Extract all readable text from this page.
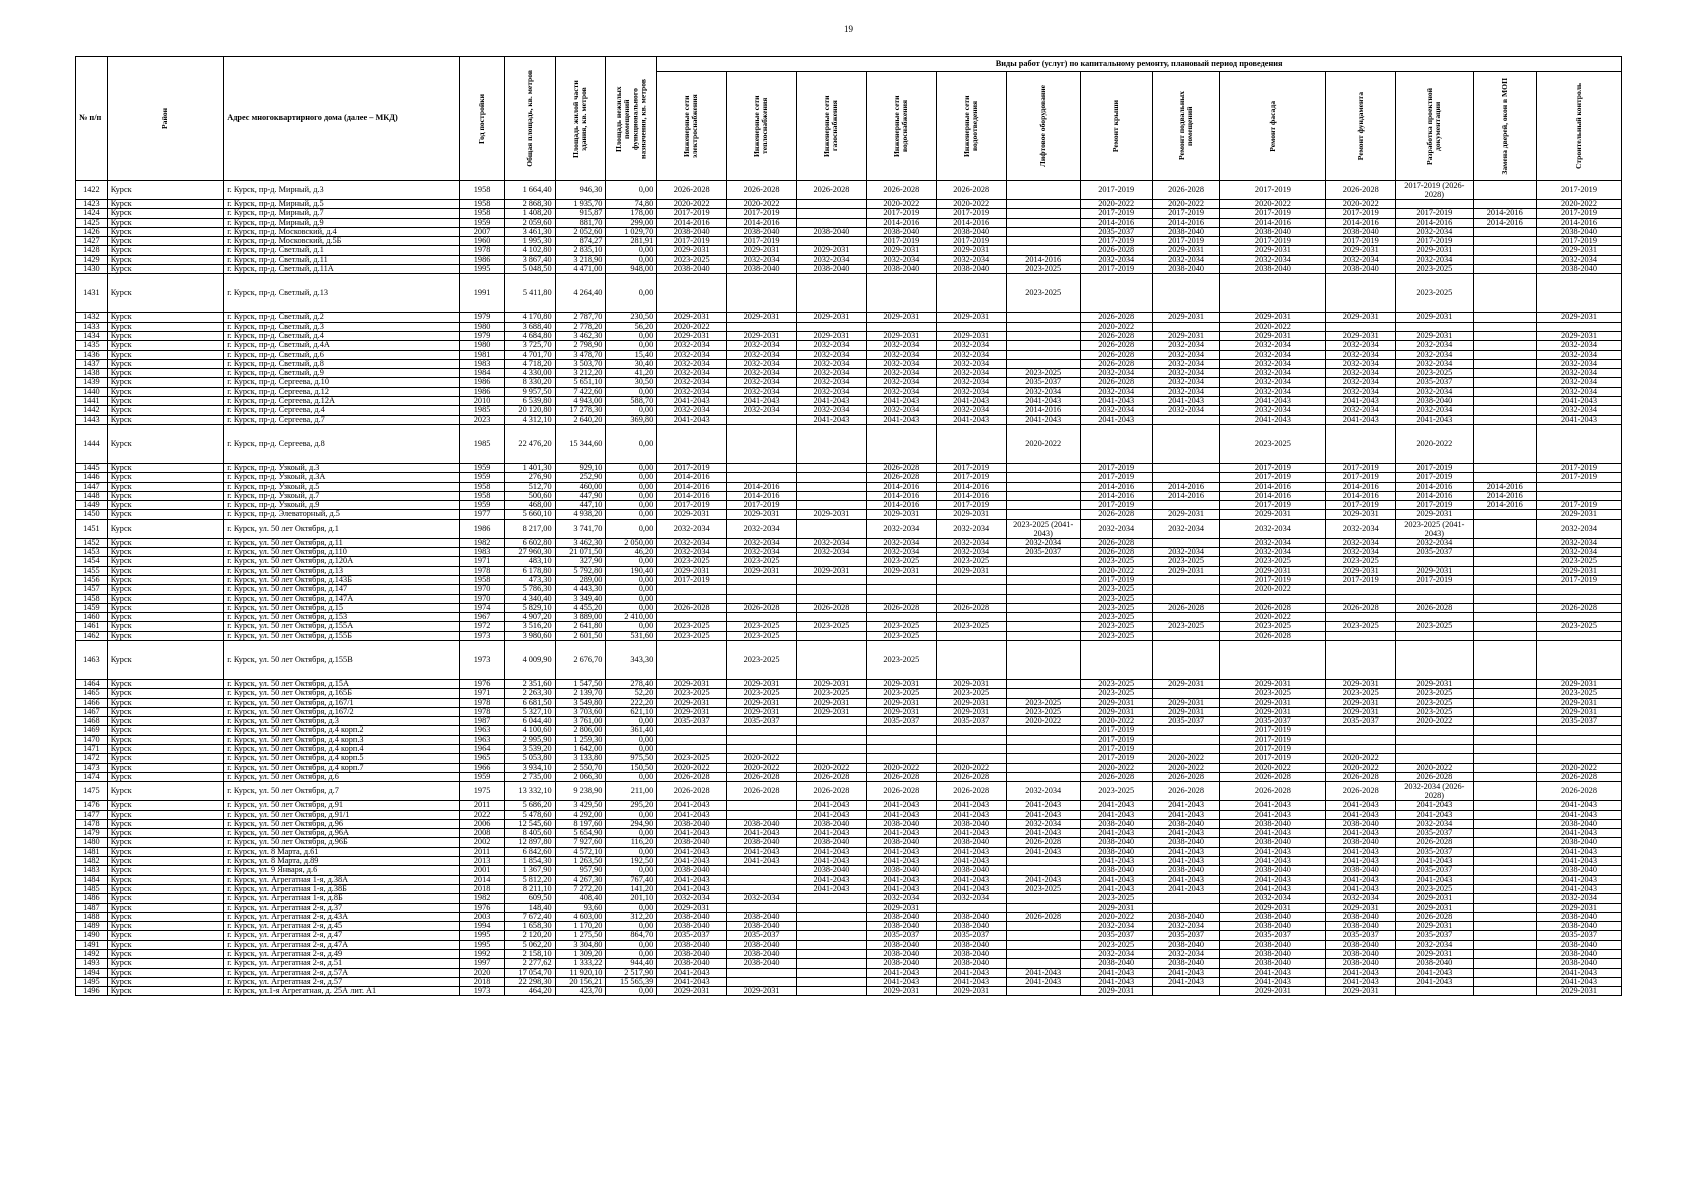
19
№ п/п	Район	Адрес многоквартирного дома (далее – МКД)	Год постройки	Общая площадь, кв. метров	Площадь жилой части здания, кв. метров	Площадь нежилых помещений функционального назначения, кв. метров	Виды работ (услуг) по капитальному ремонту, плановый период проведения												

							Инженерные сети электроснабжения	Инженерные сети теплоснабжения	Инженерные сети газоснабжения	Инженерные сети водоснабжения	Инженерные сети водоотведения	Лифтовое оборудование	Ремонт крыши	Ремонт подвальных помещений	Ремонт фасада	Ремонт фундамента	Разработка проектной документации	Замена дверей, окон в МОП	Строительный контроль

1422	Курск	г. Курск, пр-д. Мирный, д.3	1958	1 664,40	946,30	0,00	2026-2028	2026-2028	2026-2028	2026-2028	2026-2028		2017-2019	2026-2028	2017-2019	2026-2028	2017-2019 (2026-2028)		2017-2019
1423	Курск	г. Курск, пр-д. Мирный, д.5	1958	2 868,30	1 935,70	74,80	2020-2022	2020-2022		2020-2022	2020-2022		2020-2022	2020-2022	2020-2022	2020-2022			2020-2022
1424	Курск	г. Курск, пр-д. Мирный, д.7	1958	1 408,20	915,87	178,00	2017-2019	2017-2019		2017-2019	2017-2019		2017-2019	2017-2019	2017-2019	2017-2019	2017-2019	2014-2016	2017-2019
1425	Курск	г. Курск, пр-д. Мирный, д.9	1959	2 059,60	881,70	299,00	2014-2016	2014-2016		2014-2016	2014-2016		2014-2016	2014-2016	2014-2016	2014-2016	2014-2016	2014-2016	2014-2016
1426	Курск	г. Курск, пр-д. Московский, д.4	2007	3 461,30	2 052,60	1 029,70	2038-2040	2038-2040	2038-2040	2038-2040	2038-2040		2035-2037	2038-2040	2038-2040	2038-2040	2032-2034		2038-2040
1427	Курск	г. Курск, пр-д. Московский, д.5Б	1960	1 995,30	874,27	281,91	2017-2019	2017-2019		2017-2019	2017-2019		2017-2019	2017-2019	2017-2019	2017-2019	2017-2019		2017-2019
1428	Курск	г. Курск, пр-д. Светлый, д.1	1978	4 102,80	2 835,10	0,00	2029-2031	2029-2031	2029-2031	2029-2031	2029-2031		2026-2028	2029-2031	2029-2031	2029-2031	2029-2031		2029-2031
1429	Курск	г. Курск, пр-д. Светлый, д.11	1986	3 867,40	3 218,90	0,00	2023-2025	2032-2034	2032-2034	2032-2034	2032-2034	2014-2016	2032-2034	2032-2034	2032-2034	2032-2034	2032-2034		2032-2034
1430	Курск	г. Курск, пр-д. Светлый, д.11А	1995	5 048,50	4 471,00	948,00	2038-2040	2038-2040	2038-2040	2038-2040	2038-2040	2023-2025	2017-2019	2038-2040	2038-2040	2038-2040	2023-2025		2038-2040
1431	Курск	г. Курск, пр-д. Светлый, д.13	1991	5 411,80	4 264,40	0,00						2023-2025					2023-2025		
1432	Курск	г. Курск, пр-д. Светлый, д.2	1979	4 170,80	2 787,70	230,50	2029-2031	2029-2031	2029-2031	2029-2031	2029-2031		2026-2028	2029-2031	2029-2031	2029-2031	2029-2031		2029-2031
1433	Курск	г. Курск, пр-д. Светлый, д.3	1980	3 688,40	2 778,20	56,20	2020-2022						2020-2022		2020-2022				
1434	Курск	г. Курск, пр-д. Светлый, д.4	1979	4 684,80	3 462,30	0,00	2029-2031	2029-2031	2029-2031	2029-2031	2029-2031		2026-2028	2029-2031	2029-2031	2029-2031	2029-2031		2029-2031
1435	Курск	г. Курск, пр-д. Светлый, д.4А	1980	3 725,70	2 798,90	0,00	2032-2034	2032-2034	2032-2034	2032-2034	2032-2034		2026-2028	2032-2034	2032-2034	2032-2034	2032-2034		2032-2034
1436	Курск	г. Курск, пр-д. Светлый, д.6	1981	4 701,70	3 478,70	15,40	2032-2034	2032-2034	2032-2034	2032-2034	2032-2034		2026-2028	2032-2034	2032-2034	2032-2034	2032-2034		2032-2034
1437	Курск	г. Курск, пр-д. Светлый, д.8	1983	4 718,20	3 503,70	30,40	2032-2034	2032-2034	2032-2034	2032-2034	2032-2034		2026-2028	2032-2034	2032-2034	2032-2034	2032-2034		2032-2034
1438	Курск	г. Курск, пр-д. Светлый, д.9	1984	4 330,00	3 212,20	41,20	2032-2034	2032-2034	2032-2034	2032-2034	2032-2034	2023-2025	2032-2034	2032-2034	2032-2034	2032-2034	2023-2025		2032-2034
1439	Курск	г. Курск, пр-д. Сергеева, д.10	1986	8 330,20	5 651,10	30,50	2032-2034	2032-2034	2032-2034	2032-2034	2032-2034	2035-2037	2026-2028	2032-2034	2032-2034	2032-2034	2035-2037		2032-2034
1440	Курск	г. Курск, пр-д. Сергеева, д.12	1986	9 957,50	7 422,60	0,00	2032-2034	2032-2034	2032-2034	2032-2034	2032-2034	2032-2034	2032-2034	2032-2034	2032-2034	2032-2034	2032-2034		2032-2034
1441	Курск	г. Курск, пр-д. Сергеева, д.12А	2010	6 539,80	4 943,00	588,70	2041-2043	2041-2043	2041-2043	2041-2043	2041-2043	2041-2043	2041-2043	2041-2043	2041-2043	2041-2043	2038-2040		2041-2043
1442	Курск	г. Курск, пр-д. Сергеева, д.4	1985	20 120,80	17 278,30	0,00	2032-2034	2032-2034	2032-2034	2032-2034	2032-2034	2014-2016	2032-2034	2032-2034	2032-2034	2032-2034	2032-2034		2032-2034
1443	Курск	г. Курск, пр-д. Сергеева, д.7	2023	4 312,10	2 640,20	369,80	2041-2043		2041-2043	2041-2043	2041-2043	2041-2043	2041-2043		2041-2043	2041-2043	2041-2043		2041-2043
1444	Курск	г. Курск, пр-д. Сергеева, д.8	1985	22 476,20	15 344,60	0,00						2020-2022			2023-2025		2020-2022		
1445	Курск	г. Курск, пр-д. Узкоый, д.3	1959	1 401,30	929,10	0,00	2017-2019			2026-2028	2017-2019		2017-2019		2017-2019	2017-2019	2017-2019		2017-2019
1446	Курск	г. Курск, пр-д. Узкоый, д.3А	1959	276,90	252,90	0,00	2014-2016			2026-2028	2017-2019		2017-2019		2017-2019	2017-2019	2017-2019		2017-2019
1447	Курск	г. Курск, пр-д. Узкоый, д.5	1958	512,70	460,00	0,00	2014-2016	2014-2016		2014-2016	2014-2016		2014-2016	2014-2016	2014-2016	2014-2016	2014-2016	2014-2016	
1448	Курск	г. Курск, пр-д. Узкоый, д.7	1958	500,60	447,90	0,00	2014-2016	2014-2016		2014-2016	2014-2016		2014-2016	2014-2016	2014-2016	2014-2016	2014-2016	2014-2016	
1449	Курск	г. Курск, пр-д. Узкоый, д.9	1959	468,00	447,10	0,00	2017-2019	2017-2019		2014-2016	2017-2019		2017-2019		2017-2019	2017-2019	2017-2019	2014-2016	2017-2019
1450	Курск	г. Курск, пр-д. Элеваторный, д.5	1977	5 660,10	4 938,20	0,00	2029-2031	2029-2031	2029-2031	2029-2031	2029-2031		2026-2028	2029-2031	2029-2031	2029-2031	2029-2031		2029-2031
1451	Курск	г. Курск, ул. 50 лет Октября, д.1	1986	8 217,00	3 741,70	0,00	2032-2034	2032-2034		2032-2034	2032-2034	2023-2025 (2041-2043)	2032-2034	2032-2034	2032-2034	2032-2034	2023-2025 (2041-2043)		2032-2034
1452	Курск	г. Курск, ул. 50 лет Октября, д.11	1982	6 602,80	3 462,30	2 050,00	2032-2034	2032-2034	2032-2034	2032-2034	2032-2034	2032-2034	2026-2028		2032-2034	2032-2034	2032-2034		2032-2034
1453	Курск	г. Курск, ул. 50 лет Октября, д.110	1983	27 960,30	21 071,50	46,20	2032-2034	2032-2034	2032-2034	2032-2034	2032-2034	2035-2037	2026-2028	2032-2034	2032-2034	2032-2034	2035-2037		2032-2034
1454	Курск	г. Курск, ул. 50 лет Октября, д.120А	1971	483,10	327,90	0,00	2023-2025	2023-2025		2023-2025	2023-2025		2023-2025	2023-2025	2023-2025	2023-2025			2023-2025
1455	Курск	г. Курск, ул. 50 лет Октября, д.13	1978	6 178,80	5 792,80	190,40	2029-2031	2029-2031	2029-2031	2029-2031	2029-2031		2020-2022	2029-2031	2029-2031	2029-2031	2029-2031		2029-2031
1456	Курск	г. Курск, ул. 50 лет Октября, д.143Б	1958	473,30	289,00	0,00	2017-2019						2017-2019		2017-2019	2017-2019	2017-2019		2017-2019
1457	Курск	г. Курск, ул. 50 лет Октября, д.147	1970	5 786,30	4 443,30	0,00							2023-2025		2020-2022				
1458	Курск	г. Курск, ул. 50 лет Октября, д.147А	1970	4 340,40	3 349,40	0,00							2023-2025						
1459	Курск	г. Курск, ул. 50 лет Октября, д.15	1974	5 829,10	4 455,20	0,00	2026-2028	2026-2028	2026-2028	2026-2028	2026-2028		2023-2025	2026-2028	2026-2028	2026-2028	2026-2028		2026-2028
1460	Курск	г. Курск, ул. 50 лет Октября, д.153	1967	4 907,20	3 889,00	2 410,00							2023-2025		2020-2022				
1461	Курск	г. Курск, ул. 50 лет Октября, д.155А	1972	3 516,20	2 641,80	0,00	2023-2025	2023-2025	2023-2025	2023-2025	2023-2025		2023-2025	2023-2025	2023-2025	2023-2025	2023-2025		2023-2025
1462	Курск	г. Курск, ул. 50 лет Октября, д.155Б	1973	3 980,60	2 601,50	531,60	2023-2025	2023-2025		2023-2025			2023-2025		2026-2028				
1463	Курск	г. Курск, ул. 50 лет Октября, д.155В	1973	4 009,90	2 676,70	343,30		2023-2025		2023-2025									
1464	Курск	г. Курск, ул. 50 лет Октября, д.15А	1976	2 351,60	1 547,50	278,40	2029-2031	2029-2031	2029-2031	2029-2031	2029-2031		2023-2025	2029-2031	2029-2031	2029-2031	2029-2031		2029-2031
1465	Курск	г. Курск, ул. 50 лет Октября, д.165Б	1971	2 263,30	2 139,70	52,20	2023-2025	2023-2025	2023-2025	2023-2025	2023-2025		2023-2025		2023-2025	2023-2025	2023-2025		2023-2025
1466	Курск	г. Курск, ул. 50 лет Октября, д.167/1	1978	6 681,50	3 549,80	222,20	2029-2031	2029-2031	2029-2031	2029-2031	2029-2031	2023-2025	2029-2031	2029-2031	2029-2031	2029-2031	2023-2025		2029-2031
1467	Курск	г. Курск, ул. 50 лет Октября, д.167/2	1978	5 327,10	3 703,60	621,10	2029-2031	2029-2031	2029-2031	2029-2031	2029-2031	2023-2025	2029-2031	2029-2031	2029-2031	2029-2031	2023-2025		2029-2031
1468	Курск	г. Курск, ул. 50 лет Октября, д.3	1987	6 044,40	3 761,00	0,00	2035-2037	2035-2037		2035-2037	2035-2037	2020-2022	2020-2022	2035-2037	2035-2037	2035-2037	2020-2022		2035-2037
1469	Курск	г. Курск, ул. 50 лет Октября, д.4 корп.2	1963	4 100,60	2 806,00	361,40							2017-2019		2017-2019				
1470	Курск	г. Курск, ул. 50 лет Октября, д.4 корп.3	1963	2 995,90	1 259,30	0,00							2017-2019		2017-2019				
1471	Курск	г. Курск, ул. 50 лет Октября, д.4 корп.4	1964	3 539,20	1 642,00	0,00							2017-2019		2017-2019				
1472	Курск	г. Курск, ул. 50 лет Октября, д.4 корп.5	1965	5 053,80	3 133,80	975,50	2023-2025	2020-2022					2017-2019	2020-2022	2017-2019	2020-2022			
1473	Курск	г. Курск, ул. 50 лет Октября, д.4 корп.7	1966	3 934,10	2 550,70	150,50	2020-2022	2020-2022	2020-2022	2020-2022	2020-2022		2020-2022	2020-2022	2020-2022	2020-2022	2020-2022		2020-2022
1474	Курск	г. Курск, ул. 50 лет Октября, д.6	1959	2 735,00	2 066,30	0,00	2026-2028	2026-2028	2026-2028	2026-2028	2026-2028		2026-2028	2026-2028	2026-2028	2026-2028	2026-2028		2026-2028
1475	Курск	г. Курск, ул. 50 лет Октября, д.7	1975	13 332,10	9 238,90	211,00	2026-2028	2026-2028	2026-2028	2026-2028	2026-2028	2032-2034	2023-2025	2026-2028	2026-2028	2026-2028	2032-2034 (2026-2028)		2026-2028
1476	Курск	г. Курск, ул. 50 лет Октября, д.91	2011	5 686,20	3 429,50	295,20	2041-2043		2041-2043	2041-2043	2041-2043	2041-2043	2041-2043	2041-2043	2041-2043	2041-2043	2041-2043		2041-2043
1477	Курск	г. Курск, ул. 50 лет Октября, д.91/1	2022	5 478,60	4 292,00	0,00	2041-2043		2041-2043	2041-2043	2041-2043	2041-2043	2041-2043	2041-2043	2041-2043	2041-2043	2041-2043		2041-2043
1478	Курск	г. Курск, ул. 50 лет Октября, д.96	2006	12 545,60	8 197,60	294,90	2038-2040	2038-2040	2038-2040	2038-2040	2038-2040	2032-2034	2038-2040	2038-2040	2038-2040	2038-2040	2032-2034		2038-2040
1479	Курск	г. Курск, ул. 50 лет Октября, д.96А	2008	8 405,60	5 654,90	0,00	2041-2043	2041-2043	2041-2043	2041-2043	2041-2043	2041-2043	2041-2043	2041-2043	2041-2043	2041-2043	2035-2037		2041-2043
1480	Курск	г. Курск, ул. 50 лет Октября, д.96Б	2002	12 897,80	7 927,60	116,20	2038-2040	2038-2040	2038-2040	2038-2040	2038-2040	2026-2028	2038-2040	2038-2040	2038-2040	2038-2040	2026-2028		2038-2040
1481	Курск	г. Курск, ул. 8 Марта, д.61	2011	6 842,60	4 572,10	0,00	2041-2043	2041-2043	2041-2043	2041-2043	2041-2043	2041-2043	2038-2040	2041-2043	2041-2043	2041-2043	2035-2037		2041-2043
1482	Курск	г. Курск, ул. 8 Марта, д.89	2013	1 854,30	1 263,50	192,50	2041-2043	2041-2043	2041-2043	2041-2043	2041-2043		2041-2043	2041-2043	2041-2043	2041-2043	2041-2043		2041-2043
1483	Курск	г. Курск, ул. 9 Января, д.6	2001	1 367,90	957,90	0,00	2038-2040		2038-2040	2038-2040	2038-2040		2038-2040	2038-2040	2038-2040	2038-2040	2035-2037		2038-2040
1484	Курск	г. Курск, ул. Агрегатная 1-я, д.38А	2014	5 812,20	4 267,30	767,40	2041-2043		2041-2043	2041-2043	2041-2043	2041-2043	2041-2043	2041-2043	2041-2043	2041-2043	2041-2043		2041-2043
1485	Курск	г. Курск, ул. Агрегатная 1-я, д.38Б	2018	8 211,10	7 272,20	141,20	2041-2043		2041-2043	2041-2043	2041-2043	2023-2025	2041-2043	2041-2043	2041-2043	2041-2043	2023-2025		2041-2043
1486	Курск	г. Курск, ул. Агрегатная 1-я, д.8Б	1982	609,50	408,40	201,10	2032-2034	2032-2034		2032-2034	2032-2034		2023-2025		2032-2034	2032-2034	2029-2031		2032-2034
1487	Курск	г. Курск, ул. Агрегатная 2-я, д.37	1976	148,40	93,60	0,00	2029-2031			2029-2031			2029-2031		2029-2031	2029-2031	2029-2031		2029-2031
1488	Курск	г. Курск, ул. Агрегатная 2-я, д.43А	2003	7 672,40	4 603,00	312,20	2038-2040	2038-2040		2038-2040	2038-2040	2026-2028	2020-2022	2038-2040	2038-2040	2038-2040	2026-2028		2038-2040
1489	Курск	г. Курск, ул. Агрегатная 2-я, д.45	1994	1 658,30	1 170,20	0,00	2038-2040	2038-2040		2038-2040	2038-2040		2032-2034	2032-2034	2038-2040	2038-2040	2029-2031		2038-2040
1490	Курск	г. Курск, ул. Агрегатная 2-я, д.47	1995	2 120,20	1 275,50	864,70	2035-2037	2035-2037		2035-2037	2035-2037		2035-2037	2035-2037	2035-2037	2035-2037	2035-2037		2035-2037
1491	Курск	г. Курск, ул. Агрегатная 2-я, д.47А	1995	5 062,20	3 304,80	0,00	2038-2040	2038-2040		2038-2040	2038-2040		2023-2025	2038-2040	2038-2040	2038-2040	2032-2034		2038-2040
1492	Курск	г. Курск, ул. Агрегатная 2-я, д.49	1992	2 158,10	1 309,20	0,00	2038-2040	2038-2040		2038-2040	2038-2040		2032-2034	2032-2034	2038-2040	2038-2040	2029-2031		2038-2040
1493	Курск	г. Курск, ул. Агрегатная 2-я, д.51	1997	2 277,62	1 333,22	944,40	2038-2040	2038-2040		2038-2040	2038-2040		2038-2040	2038-2040	2038-2040	2038-2040	2038-2040		2038-2040
1494	Курск	г. Курск, ул. Агрегатная 2-я, д.57А	2020	17 054,70	11 920,10	2 517,90	2041-2043			2041-2043	2041-2043	2041-2043	2041-2043	2041-2043	2041-2043	2041-2043	2041-2043		2041-2043
1495	Курск	г. Курск, ул. Агрегатная 2-я, д.57	2018	22 298,30	20 156,21	15 565,39	2041-2043			2041-2043	2041-2043	2041-2043	2041-2043	2041-2043	2041-2043	2041-2043	2041-2043		2041-2043
1496	Курск	г. Курск, ул.1-я Агрегатная, д. 25А лит. А1	1973	464,20	423,70	0,00	2029-2031	2029-2031		2029-2031	2029-2031		2029-2031		2029-2031	2029-2031			2029-2031
